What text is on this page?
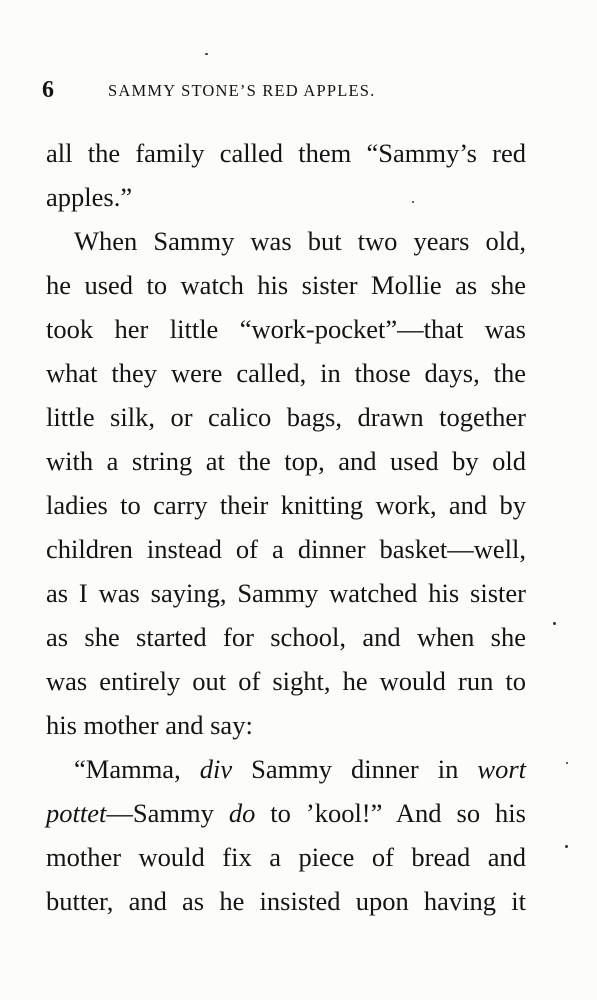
6	SAMMY STONE’S RED APPLES.
all the family called them “Sammy’s red
apples.”
When Sammy was but two years old,
he used to watch his sister Mollie as she
took her little “work-pocket”—that was
what they were called, in those days, the
little silk, or calico bags, drawn together
with a string at the top, and used by old
ladies to carry their knitting work, and by
children instead of a dinner basket—well,
as I was saying, Sammy watched his sister
as she started for school, and when she
was entirely out of sight, he would run to
his mother and say:
“Mamma, div Sammy dinner in wort
pottet—Sammy do to ’kool!” And so his
mother would fix a piece of bread and
butter, and as he insisted upon having it
